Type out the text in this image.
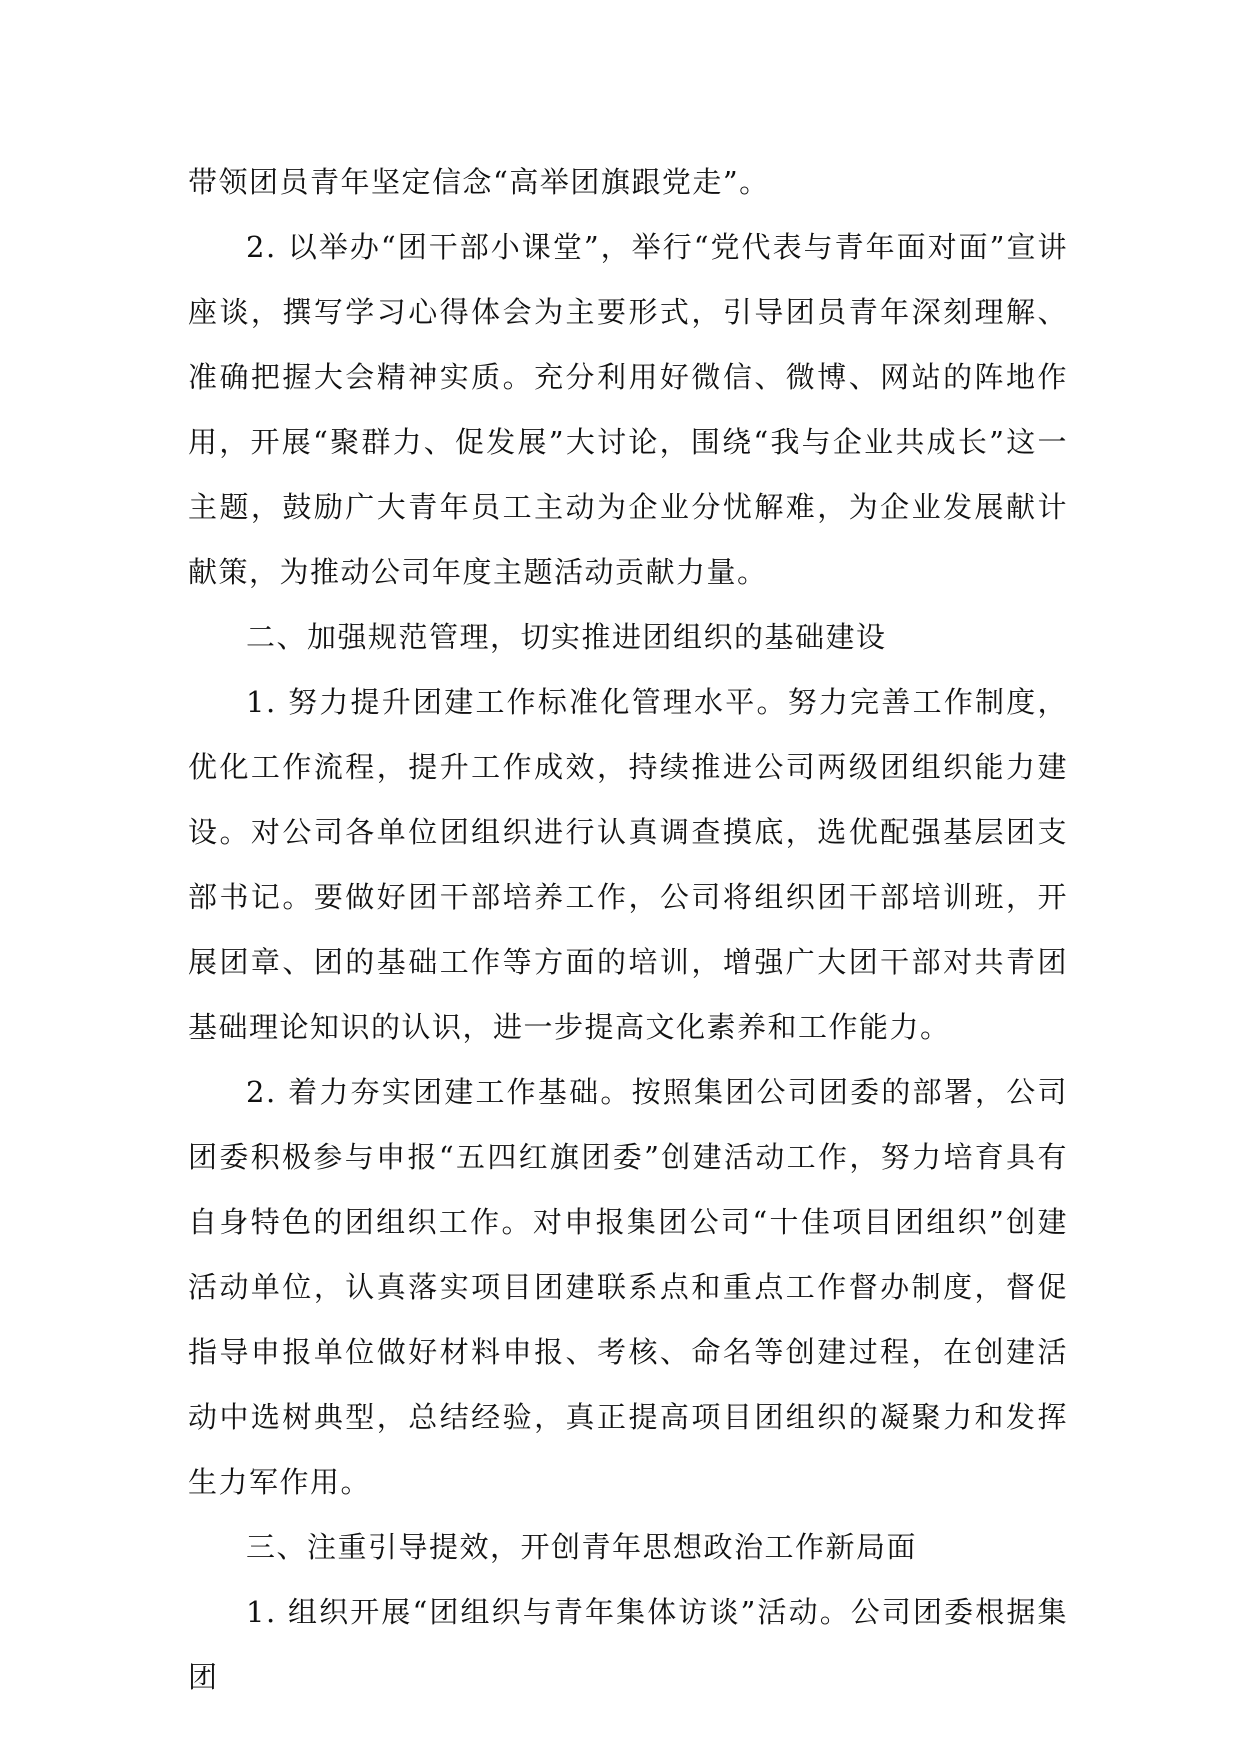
带领团员青年坚定信念“高举团旗跟党走”。

2. 以举办“团干部小课堂”，举行“党代表与青年面对面”宣讲座谈，撰写学习心得体会为主要形式，引导团员青年深刻理解、准确把握大会精神实质。充分利用好微信、微博、网站的阵地作用，开展“聚群力、促发展”大讨论，围绕“我与企业共成长”这一主题，鼓励广大青年员工主动为企业分忧解难，为企业发展献计献策，为推动公司年度主题活动贡献力量。

二、加强规范管理，切实推进团组织的基础建设

1. 努力提升团建工作标准化管理水平。努力完善工作制度，优化工作流程，提升工作成效，持续推进公司两级团组织能力建设。对公司各单位团组织进行认真调查摸底，选优配强基层团支部书记。要做好团干部培养工作，公司将组织团干部培训班，开展团章、团的基础工作等方面的培训，增强广大团干部对共青团基础理论知识的认识，进一步提高文化素养和工作能力。

2. 着力夯实团建工作基础。按照集团公司团委的部署，公司团委积极参与申报“五四红旗团委”创建活动工作，努力培育具有自身特色的团组织工作。对申报集团公司“十佳项目团组织”创建活动单位，认真落实项目团建联系点和重点工作督办制度，督促指导申报单位做好材料申报、考核、命名等创建过程，在创建活动中选树典型，总结经验，真正提高项目团组织的凝聚力和发挥生力军作用。

三、注重引导提效，开创青年思想政治工作新局面

1. 组织开展“团组织与青年集体访谈”活动。公司团委根据集团
